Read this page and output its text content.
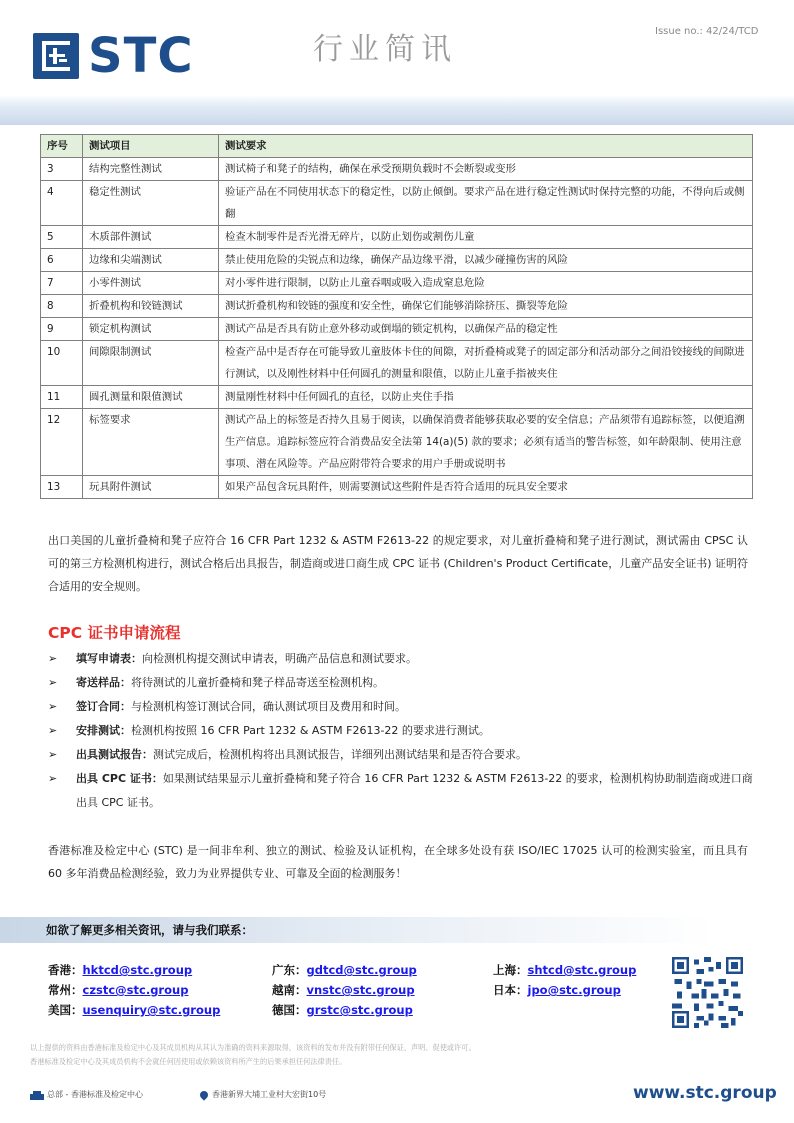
STC	行业简讯
Issue no.: 42/24/TCD
序号	测试项目	测试要求
3	结构完整性测试	测试椅子和凳子的结构，确保在承受预期负载时不会断裂或变形
4	稳定性测试	验证产品在不同使用状态下的稳定性，以防止倾倒。要求产品在进行稳定性测试时保持完整的功能，不得向后或侧翻
5	木质部件测试	检查木制零件是否光滑无碎片，以防止划伤或割伤儿童
6	边缘和尖端测试	禁止使用危险的尖锐点和边缘，确保产品边缘平滑，以减少碰撞伤害的风险
7	小零件测试	对小零件进行限制，以防止儿童吞咽或吸入造成窒息危险
8	折叠机构和铰链测试	测试折叠机构和铰链的强度和安全性，确保它们能够消除挤压、撕裂等危险
9	锁定机构测试	测试产品是否具有防止意外移动或倒塌的锁定机构，以确保产品的稳定性
10	间隙限制测试	检查产品中是否存在可能导致儿童肢体卡住的间隙，对折叠椅或凳子的固定部分和活动部分之间沿铰接线的间隙进行测试，以及刚性材料中任何圆孔的测量和限值，以防止儿童手指被夹住
11	圆孔测量和限值测试	测量刚性材料中任何圆孔的直径，以防止夹住手指
12	标签要求	测试产品上的标签是否持久且易于阅读，以确保消费者能够获取必要的安全信息；产品须带有追踪标签，以便追溯生产信息。追踪标签应符合消费品安全法第 14(a)(5) 款的要求；必须有适当的警告标签，如年龄限制、使用注意事项、潜在风险等。产品应附带符合要求的用户手册或说明书
13	玩具附件测试	如果产品包含玩具附件，则需要测试这些附件是否符合适用的玩具安全要求
出口美国的儿童折叠椅和凳子应符合 16 CFR Part 1232 & ASTM F2613-22 的规定要求，对儿童折叠椅和凳子进行测试，测试需由 CPSC 认可的第三方检测机构进行，测试合格后出具报告，制造商或进口商生成 CPC 证书 (Children's Product Certificate，儿童产品安全证书) 证明符合适用的安全规则。
CPC 证书申请流程
➢ 填写申请表：向检测机构提交测试申请表，明确产品信息和测试要求。
➢ 寄送样品：将待测试的儿童折叠椅和凳子样品寄送至检测机构。
➢ 签订合同：与检测机构签订测试合同，确认测试项目及费用和时间。
➢ 安排测试：检测机构按照 16 CFR Part 1232 & ASTM F2613-22 的要求进行测试。
➢ 出具测试报告：测试完成后，检测机构将出具测试报告，详细列出测试结果和是否符合要求。
➢ 出具 CPC 证书：如果测试结果显示儿童折叠椅和凳子符合 16 CFR Part 1232 & ASTM F2613-22 的要求，检测机构协助制造商或进口商出具 CPC 证书。
香港标准及检定中心 (STC) 是一间非牟利、独立的测试、检验及认证机构，在全球多处设有获 ISO/IEC 17025 认可的检测实验室，而且具有 60 多年消费品检测经验，致力为业界提供专业、可靠及全面的检测服务！
如欲了解更多相关资讯，请与我们联系：
香港：hktcd@stc.group
常州：czstc@stc.group
美国：usenquiry@stc.group
广东：gdtcd@stc.group
越南：vnstc@stc.group
德国：grstc@stc.group
上海：shtcd@stc.group
日本：jpo@stc.group
以上提供的资料由香港标准及检定中心及其成员机构从其认为准确的资料来源取得，该资料的发布并没有附带任何保证、声明、促使或许可。
香港标准及检定中心及其成员机构不会就任何因使用或依赖该资料所产生的后果承担任何法律责任。
总部 - 香港标准及检定中心	香港新界大埔工业村大宏街10号	www.stc.group
